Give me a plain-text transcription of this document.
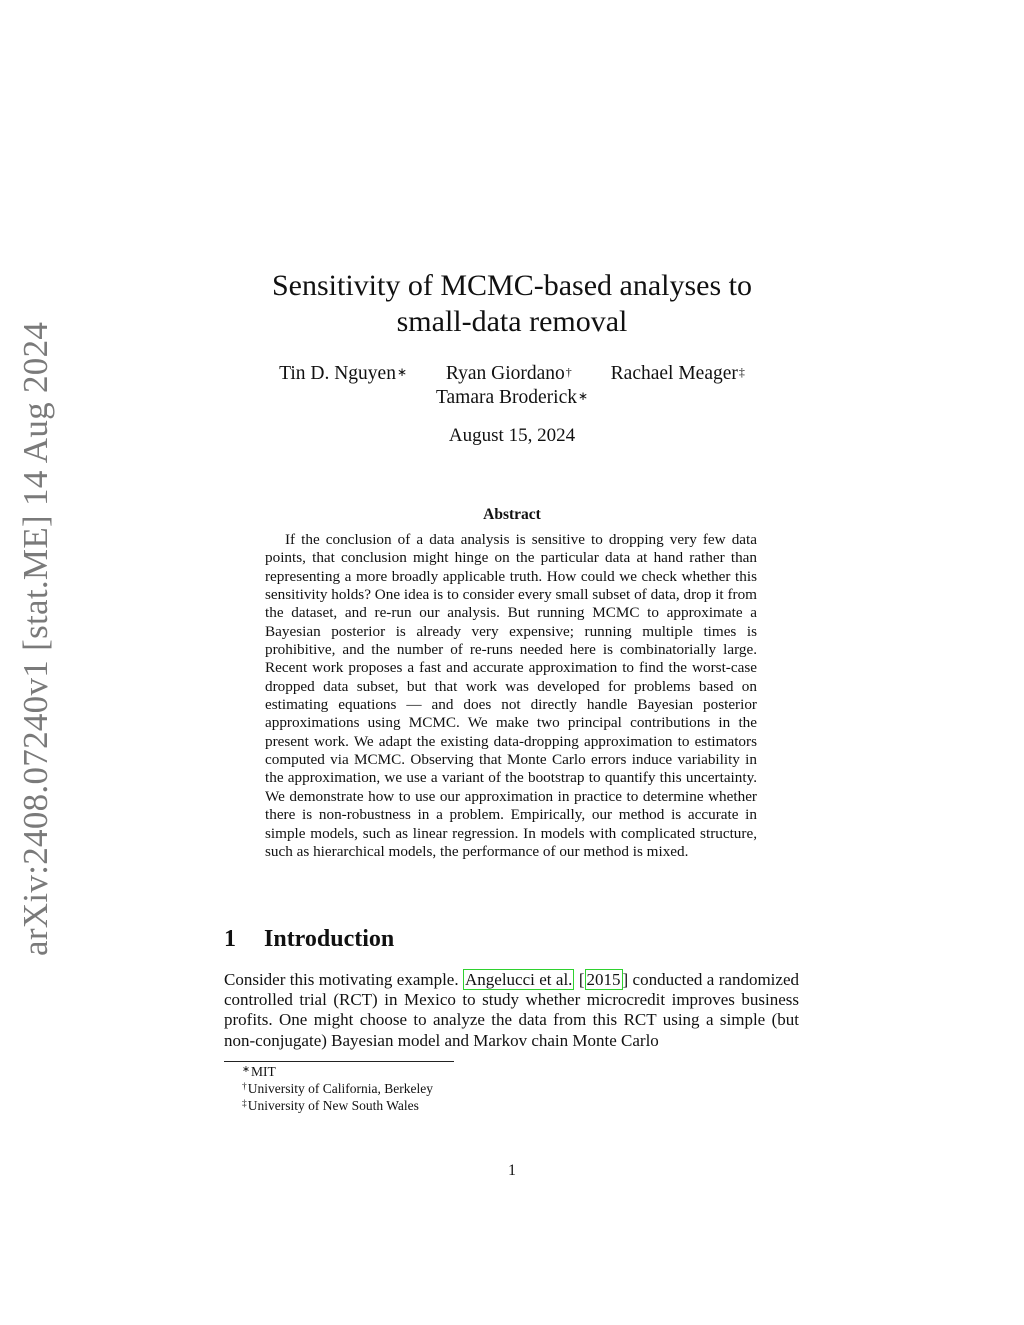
arXiv:2408.07240v1 [stat.ME] 14 Aug 2024
Sensitivity of MCMC-based analyses to
small-data removal
Tin D. Nguyen∗ Ryan Giordano† Rachael Meager‡
Tamara Broderick∗
August 15, 2024
Abstract
If the conclusion of a data analysis is sensitive to dropping very few data points, that conclusion might hinge on the particular data at hand rather than representing a more broadly applicable truth. How could we check whether this sensitivity holds? One idea is to consider every small subset of data, drop it from the dataset, and re-run our analysis. But running MCMC to approximate a Bayesian posterior is already very expensive; running multiple times is prohibitive, and the number of re-runs needed here is combinatorially large. Recent work proposes a fast and accurate approximation to find the worst-case dropped data subset, but that work was developed for problems based on estimating equations — and does not directly handle Bayesian posterior approximations using MCMC. We make two principal contributions in the present work. We adapt the existing data-dropping approximation to estimators computed via MCMC. Observing that Monte Carlo errors induce variability in the approximation, we use a variant of the bootstrap to quantify this uncertainty. We demonstrate how to use our approximation in practice to determine whether there is non-robustness in a problem. Empirically, our method is accurate in simple models, such as linear regression. In models with complicated structure, such as hierarchical models, the performance of our method is mixed.
1 Introduction
Consider this motivating example. Angelucci et al. [ 2015 ] conducted a randomized controlled trial (RCT) in Mexico to study whether microcredit improves business profits. One might choose to analyze the data from this RCT using a simple (but non-conjugate) Bayesian model and Markov chain Monte Carlo
∗MIT
†University of California, Berkeley
‡University of New South Wales
1
